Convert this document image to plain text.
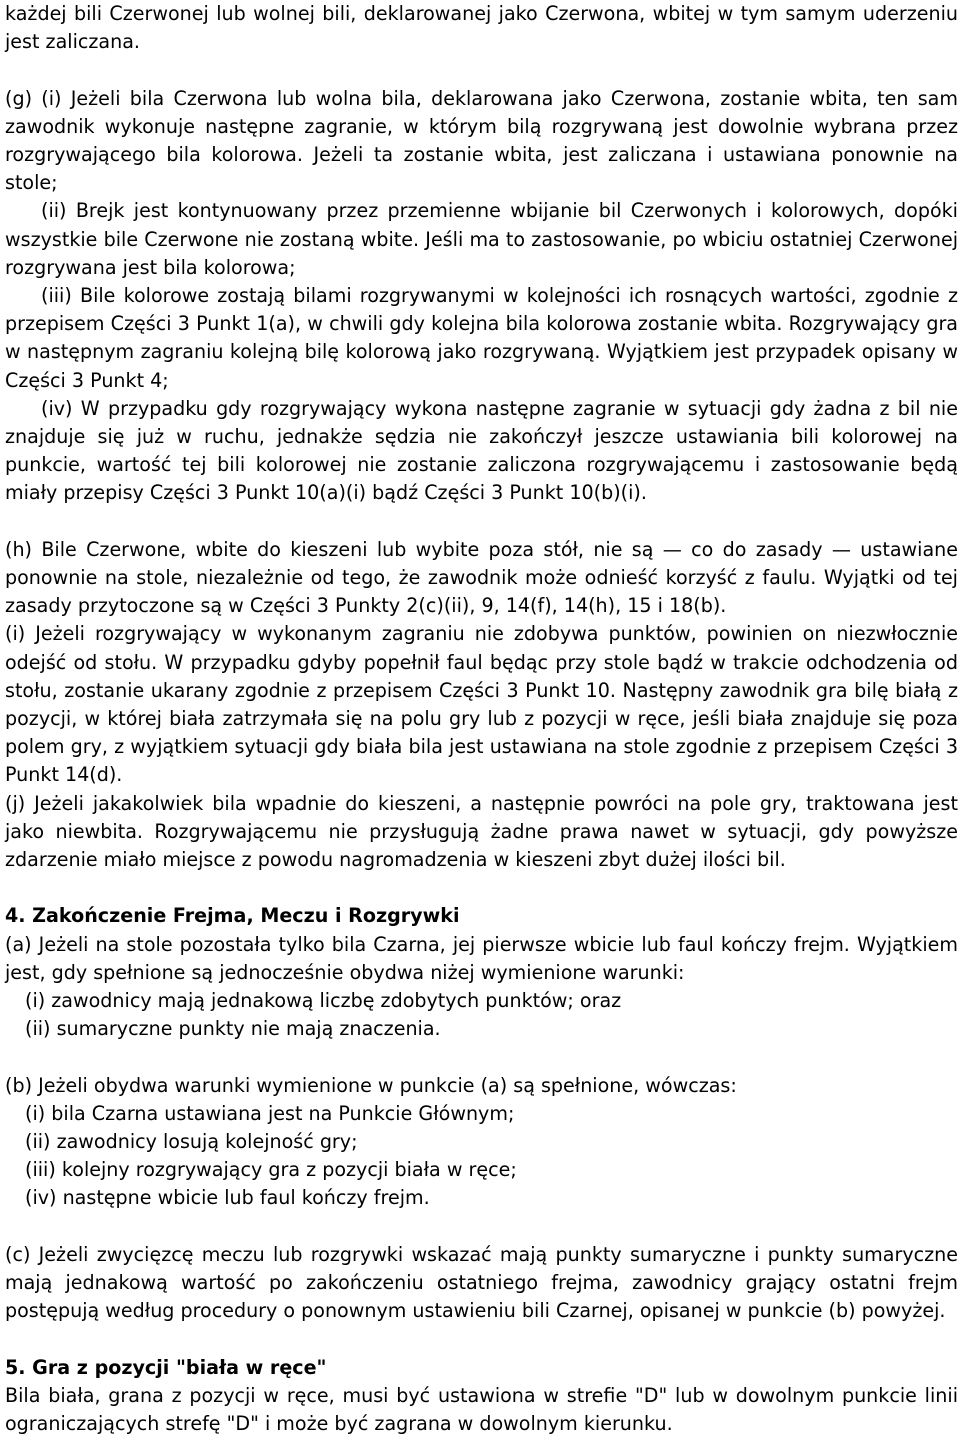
każdej bili Czerwonej lub wolnej bili, deklarowanej jako Czerwona, wbitej w tym samym uderzeniu jest zaliczana.

(g) (i) Jeżeli bila Czerwona lub wolna bila, deklarowana jako Czerwona, zostanie wbita, ten sam zawodnik wykonuje następne zagranie, w którym bilą rozgrywaną jest dowolnie wybrana przez rozgrywającego bila kolorowa. Jeżeli ta zostanie wbita, jest zaliczana i ustawiana ponownie na stole;

(ii) Brejk jest kontynuowany przez przemienne wbijanie bil Czerwonych i kolorowych, dopóki wszystkie bile Czerwone nie zostaną wbite. Jeśli ma to zastosowanie, po wbiciu ostatniej Czerwonej rozgrywana jest bila kolorowa;

(iii) Bile kolorowe zostają bilami rozgrywanymi w kolejności ich rosnących wartości, zgodnie z przepisem Części 3 Punkt 1(a), w chwili gdy kolejna bila kolorowa zostanie wbita. Rozgrywający gra w następnym zagraniu kolejną bilę kolorową jako rozgrywaną. Wyjątkiem jest przypadek opisany w Części 3 Punkt 4;

(iv) W przypadku gdy rozgrywający wykona następne zagranie w sytuacji gdy żadna z bil nie znajduje się już w ruchu, jednakże sędzia nie zakończył jeszcze ustawiania bili kolorowej na punkcie, wartość tej bili kolorowej nie zostanie zaliczona rozgrywającemu i zastosowanie będą miały przepisy Części 3 Punkt 10(a)(i) bądź Części 3 Punkt 10(b)(i).

(h) Bile Czerwone, wbite do kieszeni lub wybite poza stół, nie są — co do zasady — ustawiane ponownie na stole, niezależnie od tego, że zawodnik może odnieść korzyść z faulu. Wyjątki od tej zasady przytoczone są w Części 3 Punkty 2(c)(ii), 9, 14(f), 14(h), 15 i 18(b).

(i) Jeżeli rozgrywający w wykonanym zagraniu nie zdobywa punktów, powinien on niezwłocznie odejść od stołu. W przypadku gdyby popełnił faul będąc przy stole bądź w trakcie odchodzenia od stołu, zostanie ukarany zgodnie z przepisem Części 3 Punkt 10. Następny zawodnik gra bilę białą z pozycji, w której biała zatrzymała się na polu gry lub z pozycji w ręce, jeśli biała znajduje się poza polem gry, z wyjątkiem sytuacji gdy biała bila jest ustawiana na stole zgodnie z przepisem Części 3 Punkt 14(d).

(j) Jeżeli jakakolwiek bila wpadnie do kieszeni, a następnie powróci na pole gry, traktowana jest jako niewbita. Rozgrywającemu nie przysługują żadne prawa nawet w sytuacji, gdy powyższe zdarzenie miało miejsce z powodu nagromadzenia w kieszeni zbyt dużej ilości bil.

4. Zakończenie Frejma, Meczu i Rozgrywki

(a) Jeżeli na stole pozostała tylko bila Czarna, jej pierwsze wbicie lub faul kończy frejm. Wyjątkiem jest, gdy spełnione są jednocześnie obydwa niżej wymienione warunki:

(i) zawodnicy mają jednakową liczbę zdobytych punktów; oraz

(ii) sumaryczne punkty nie mają znaczenia.

(b) Jeżeli obydwa warunki wymienione w punkcie (a) są spełnione, wówczas:

(i) bila Czarna ustawiana jest na Punkcie Głównym;

(ii) zawodnicy losują kolejność gry;

(iii) kolejny rozgrywający gra z pozycji biała w ręce;

(iv) następne wbicie lub faul kończy frejm.

(c) Jeżeli zwycięzcę meczu lub rozgrywki wskazać mają punkty sumaryczne i punkty sumaryczne mają jednakową wartość po zakończeniu ostatniego frejma, zawodnicy grający ostatni frejm postępują według procedury o ponownym ustawieniu bili Czarnej, opisanej w punkcie (b) powyżej.

5. Gra z pozycji "biała w ręce"

Bila biała, grana z pozycji w ręce, musi być ustawiona w strefie "D" lub w dowolnym punkcie linii ograniczających strefę "D" i może być zagrana w dowolnym kierunku.
